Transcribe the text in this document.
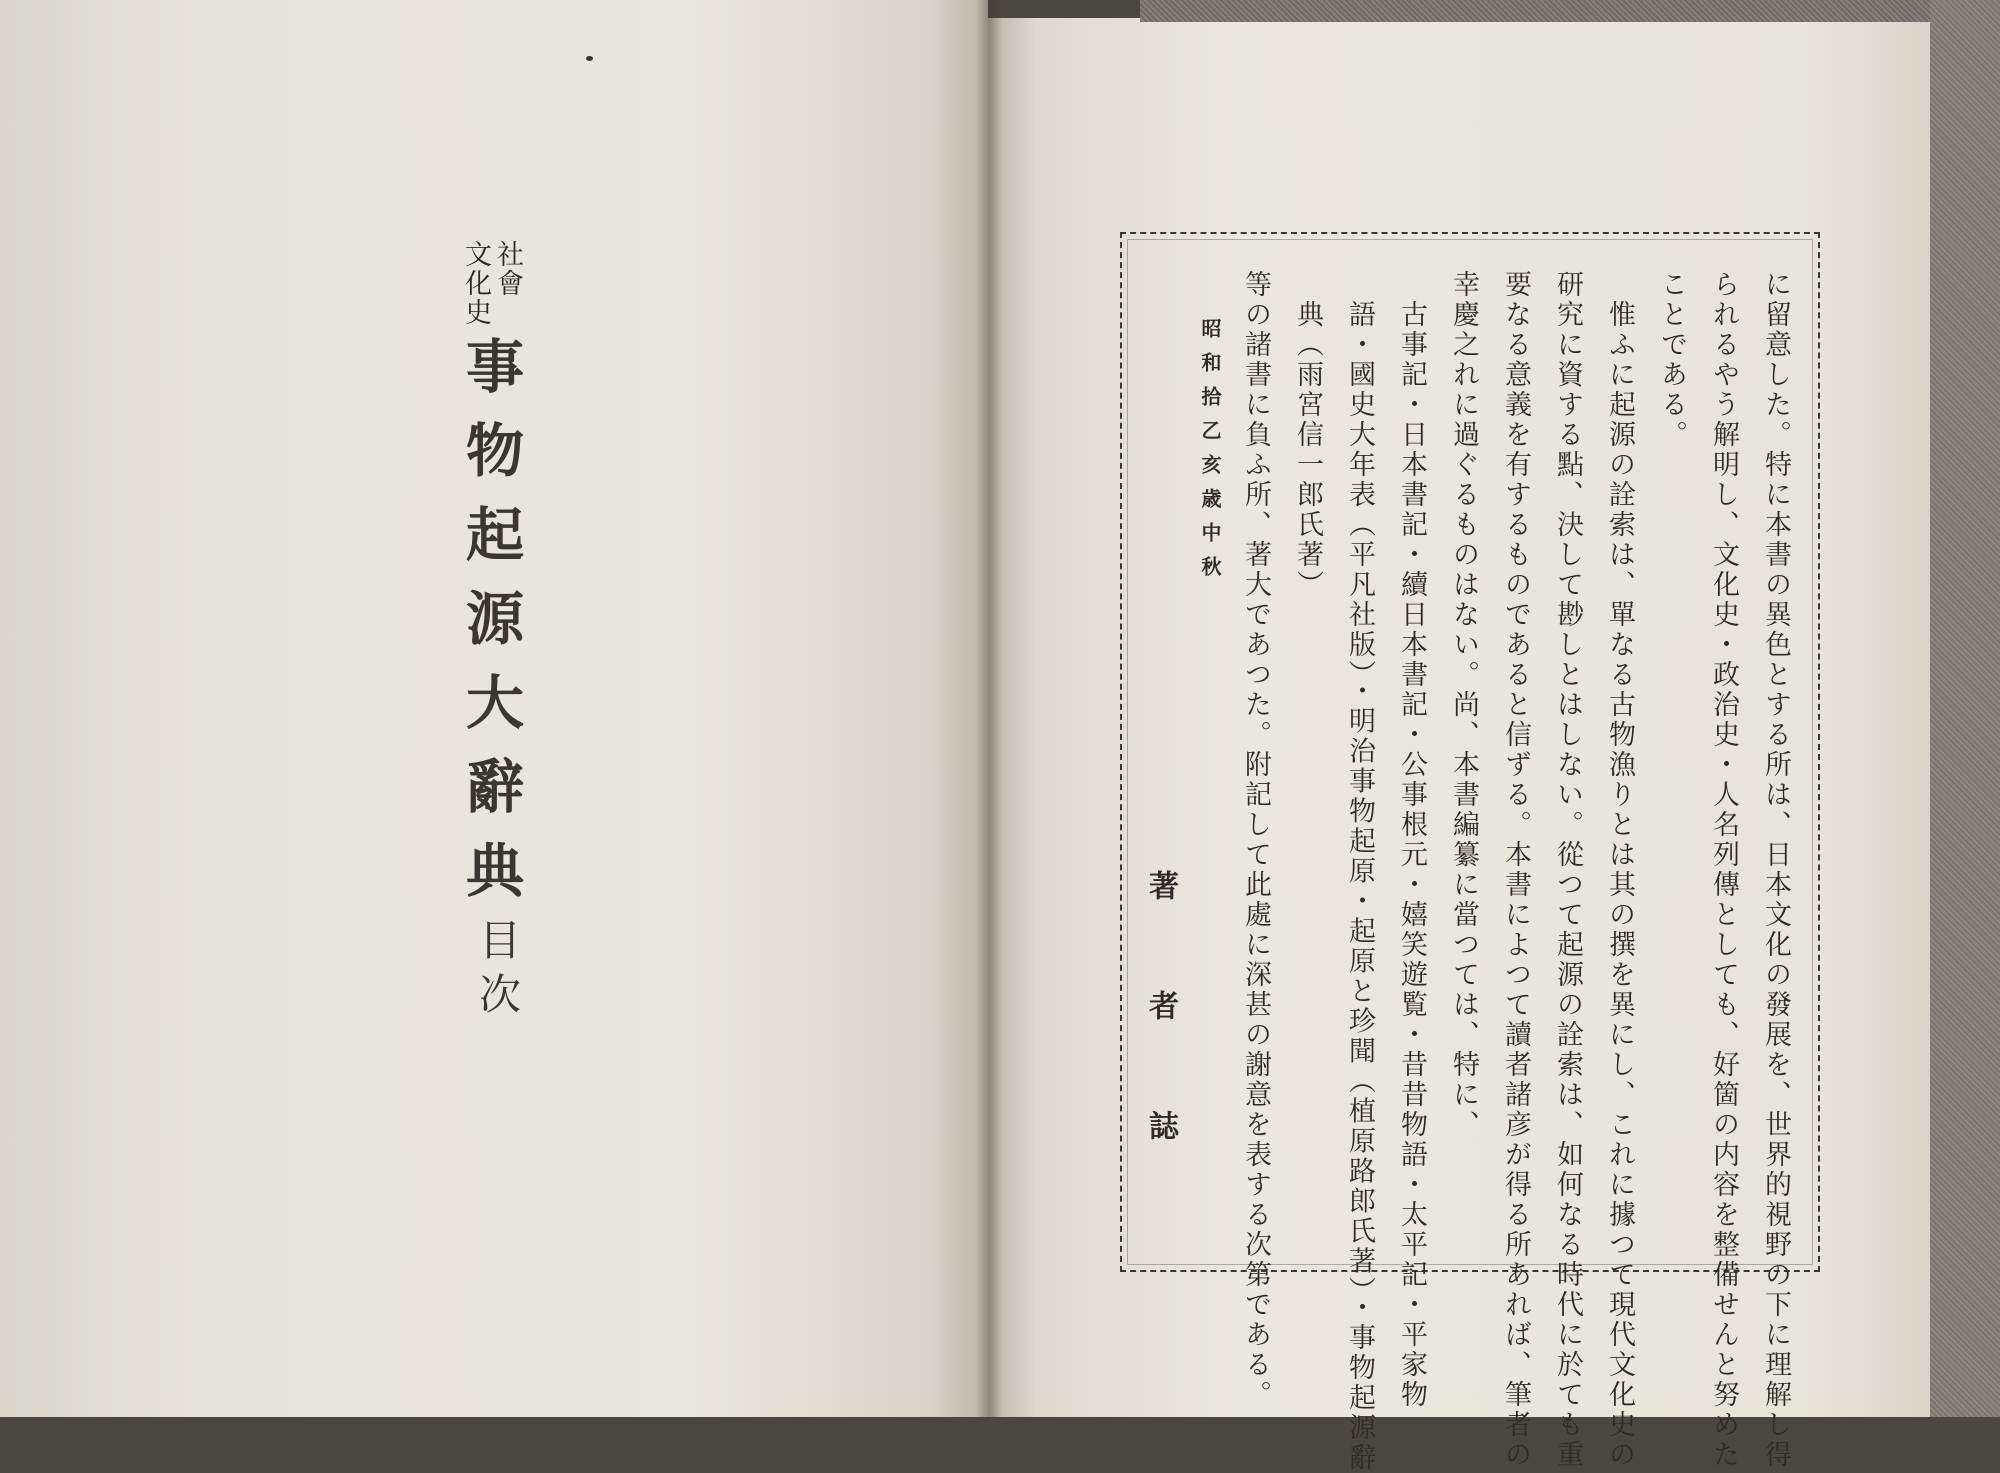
社會
文化史
事物起源大辭典
目次	に留意した。特に本書の異色とする所は、日本文化の發展を、世界的視野の下に理解し得
られるやう解明し、文化史・政治史・人名列傳としても、好箇の内容を整備せんと努めた
ことである。
惟ふに起源の詮索は、單なる古物漁りとは其の撰を異にし、これに據つて現代文化史の
研究に資する點、決して尠しとはしない。從つて起源の詮索は、如何なる時代に於ても重
要なる意義を有するものであると信ずる。本書によつて讀者諸彦が得る所あれば、筆者の
幸慶之れに過ぐるものはない。尚、本書編纂に當つては、特に、
古事記・日本書記・續日本書記・公事根元・嬉笑遊覧・昔昔物語・太平記・平家物
語・國史大年表（平凡社版）・明治事物起原・起原と珍聞（植原路郎氏著）・事物起源辭
典（雨宮信一郎氏著）
等の諸書に負ふ所、著大であつた。附記して此處に深甚の謝意を表する次第である。
昭和拾乙亥歳中秋
著者誌
